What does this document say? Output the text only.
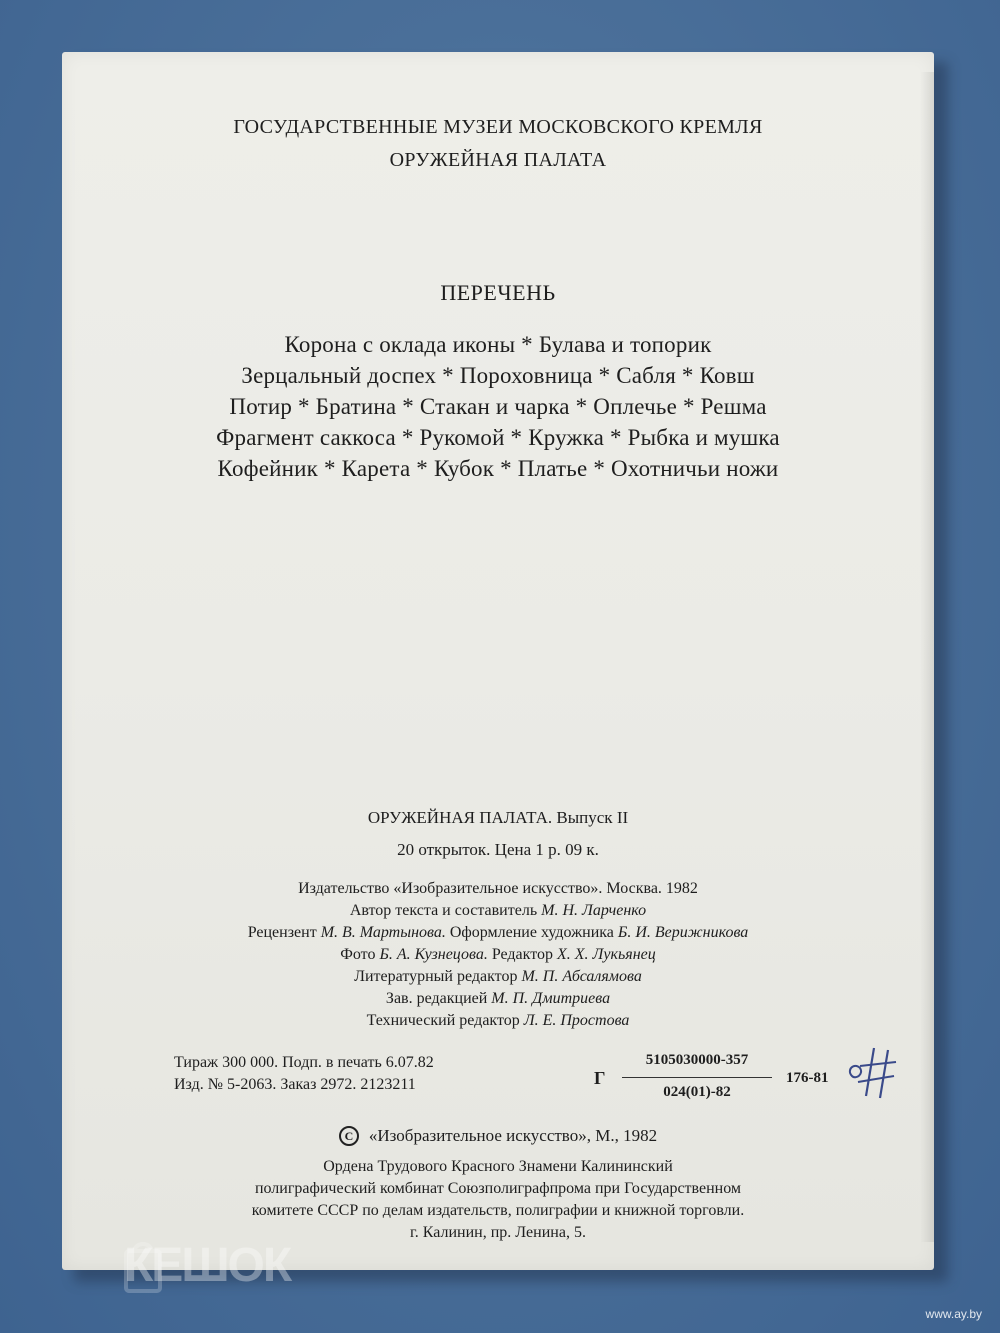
ГОСУДАРСТВЕННЫЕ МУЗЕИ МОСКОВСКОГО КРЕМЛЯ
ОРУЖЕЙНАЯ ПАЛАТА
ПЕРЕЧЕНЬ
Корона с оклада иконы * Булава и топорик
Зерцальный доспех * Пороховница * Сабля * Ковш
Потир * Братина * Стакан и чарка * Оплечье * Решма
Фрагмент саккоса * Рукомой * Кружка * Рыбка и мушка
Кофейник * Карета * Кубок * Платье * Охотничьи ножи
ОРУЖЕЙНАЯ ПАЛАТА. Выпуск II
20 открыток. Цена 1 р. 09 к.
Издательство «Изобразительное искусство». Москва. 1982
Автор текста и составитель М. Н. Ларченко
Рецензент М. В. Мартынова. Оформление художника Б. И. Верижникова
Фото Б. А. Кузнецова. Редактор Х. Х. Лукьянец
Литературный редактор М. П. Абсалямова
Зав. редакцией М. П. Дмитриева
Технический редактор Л. Е. Простова
Тираж 300 000. Подп. в печать 6.07.82
Изд. № 5-2063. Заказ 2972. 2123211	Г
5105030000-357
024(01)-82
176-81
С «Изобразительное искусство», М., 1982
Ордена Трудового Красного Знамени Калининский
полиграфический комбинат Союзполиграфпрома при Государственном
комитете СССР по делам издательств, полиграфии и книжной торговли.
г. Калинин, пр. Ленина, 5.
КЕШОК
www.ay.by
